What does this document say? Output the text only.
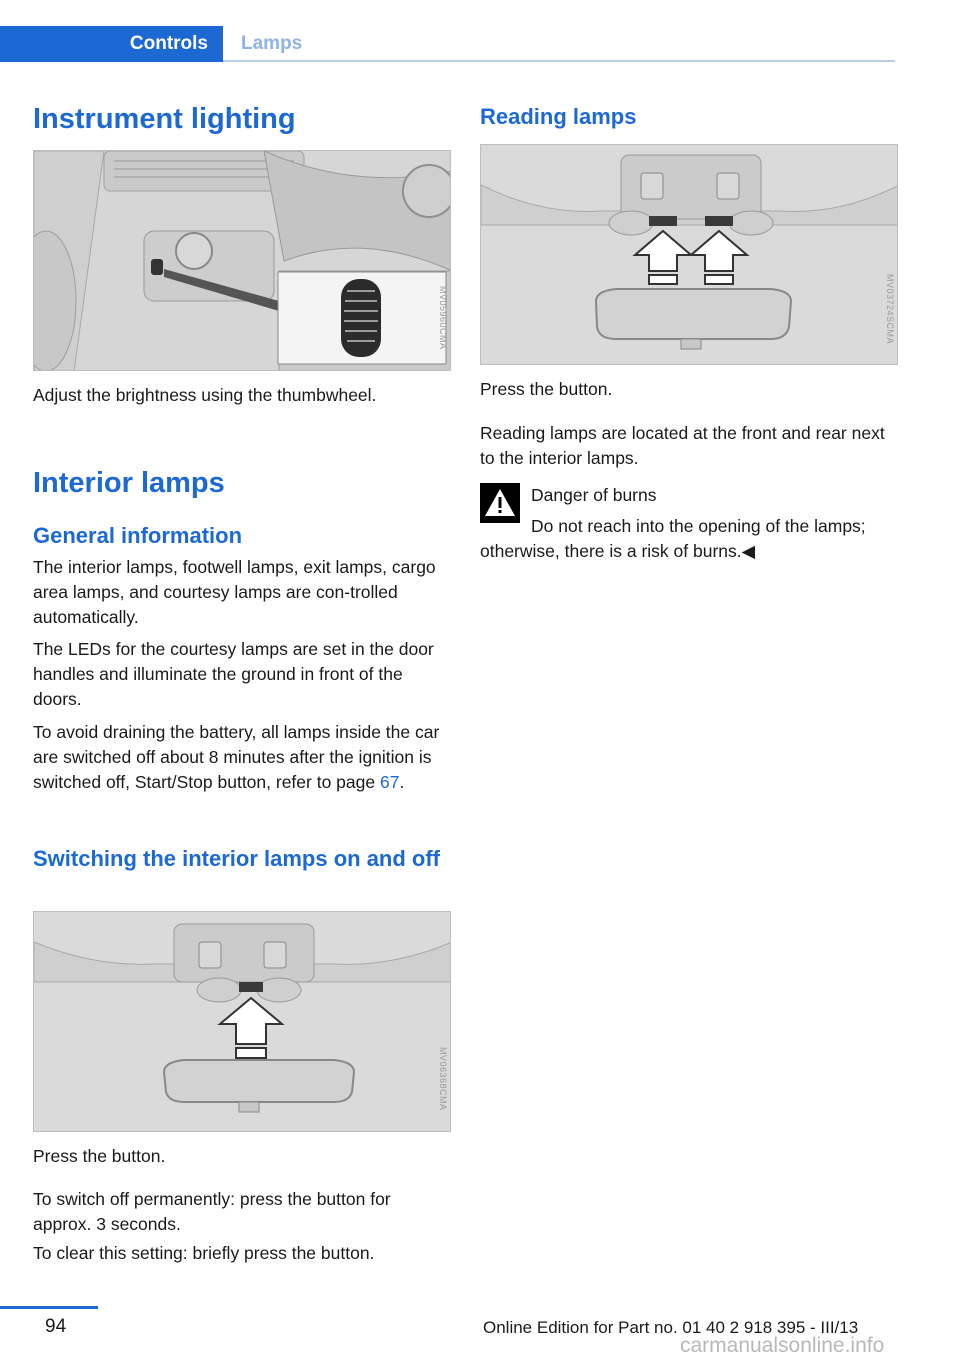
Controls Lamps
Instrument lighting
MV05960CMA

Adjust the brightness using the thumbwheel.

Interior lamps
General information

The interior lamps, footwell lamps, exit lamps, cargo area lamps, and courtesy lamps are con‐trolled automatically.

The LEDs for the courtesy lamps are set in the door handles and illuminate the ground in front of the doors.

To avoid draining the battery, all lamps inside the car are switched off about 8 minutes after the ignition is switched off, Start/Stop button, refer to page 67.

Switching the interior lamps on and off
MV06368CMA

Press the button.

To switch off permanently: press the button for approx. 3 seconds.

To clear this setting: briefly press the button.

Reading lamps
MV03724SCMA

Press the button.

Reading lamps are located at the front and rear next to the interior lamps.

Danger of burns

Do not reach into the opening of the lamps; otherwise, there is a risk of burns.◀

94	Online Edition for Part no. 01 40 2 918 395 - III/13
carmanualsonline.info
